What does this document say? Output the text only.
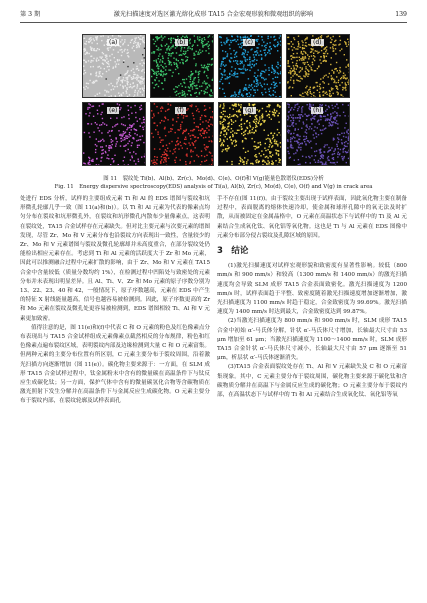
第 3 期	激光扫描速度对选区激光熔化成形 TA15 合金宏观形貌和微观组织的影响	139
(a)	(b)	(c)	(d)
(e)	(f)	(g)	(h)
图 11　裂纹处 Ti(b)、Al(b)、Zr(c)、Mo(d)、C(e)、O(f)和 V(g)能量色散谱仪(EDS)分析
Fig. 11　Energy dispersive spectroscopy(EDS) analysis of Ti(a), Al(b), Zr(c), Mo(d), C(e), O(f) and V(g) in crack area

处进行 EDS 分析，试样的主要组成元素 Ti 和 Al 的 EDS 谱图与裂纹和坑形微孔轮廓几乎一致（图 11(a)和(b)）。以 Ti 和 Al 元素为代表的像素点均匀分布在裂纹和坑形微孔外，在裂纹和坑形微孔内散布少量像素点，这表明在裂纹处，TA15 合金试样存在元素缺失。但对比主要元素与次要元素的谱图发现，尽管 Zr、Mo 和 V 元素分布也沿裂纹方向表现出一致性，含量较少的 Zr、Mo 和 V 元素谱图与裂纹及微孔轮廓却并未高度重合，在部分裂纹处仍能检出相应元素存在。考虑到 Ti 和 Al 元素的活跃度大于 Zr 和 Mo 元素，因此可以推测融合过程中元素扩散的影响，由于 Zr、Mo 和 V 元素在 TA15 合金中含量较低（质量分数均约 1%），在检测过程中凹陷处与致密处的元素分布并未表现出明显差异。且 Al、Ti、V、Zr 和 Mo 元素的原子序数分别为 13、22、23、40 和 42，一般情况下，原子序数越高，元素在 EDS 中产生的特征 X 射线能量越高，信号也越容易被检测到。因此，原子序数更高的 Zr 和 Mo 元素在裂纹及微孔处更容易被检测到，EDS 谱图相较 Ti、Al 和 V 元素更加致密。

值得注意的是，图 11(e)和(f)中代表 C 和 O 元素的粉色及红色像素点分布表现出与 TA15 合金试样组成元素像素点截然相反的分布规律，粉色和红色像素点遍布裂纹区域，表明裂纹内部及边缘检测到大量 C 和 O 元素富集。但两种元素的主要分布位置有所区别，C 元素主要分布于裂纹周围，沿着激光扫描方向逐渐增加（图 11(e)）。碳化物主要来源于：一方面，在 SLM 成形 TA15 合金试样过程中，钛金属粉末中含有的微量碳在高温条件下与钛反应生成碳化钛；另一方面，保护气体中含有的微量碳氢化合物等含碳物质在激光照射下发生分解并在高温条件下与金属反应生成碳化物。O 元素主要分布于裂纹内部，在裂纹轮廓及试样表面孔

手不存在(图 11(f))。由于裂纹主要出现于试样表面，因此氧化物主要在制备过程中，表面脱离的熔体快速冷却，使金属和球形孔隙中的氧无法及时扩散，从而被固定在金属晶格中，O 元素在高温状态下与试样中的 Ti 及 Al 元素结合生成氧化钛、氧化铝等氧化物。这也是 Ti 与 Al 元素在 EDS 图像中元素分布部分侵占裂纹及孔隙区域的原因。

3　结论

(1)激光扫描速度对试样宏观形貌和致密度有显著性影响。较低（800 mm/s 和 900 mm/s）和较高（1300 mm/s 和 1400 mm/s）的激光扫描速度均会导致 SLM 成形 TA15 合金表面致密化。激光扫描速度为 1200 mm/s 时，试样表面趋于平整、致密度随着激光扫描速度增加逐渐增加，激光扫描速度为 1100 mm/s 时趋于稳定，合金致密度为 99.69%。激光扫描速度为 1400 mm/s 时达到最大，合金致密度达到 99.87%。

(2)当激光扫描速度为 800 mm/s 和 900 mm/s 时，SLM 成形 TA15 合金中初始 α′-马氏体分解，针状 α′-马氏体尺寸增加，长轴最大尺寸由 53 μm 增加至 61 μm；当激光扫描速度为 1100～1400 mm/s 时，SLM 成形 TA15 合金针状 α′-马氏体尺寸减小，长轴最大尺寸由 57 μm 逐渐至 51 μm，析层状 α′-马氏体逐渐消失。

(3)TA15 合金表面裂纹处存在 Ti、Al 和 V 元素缺失及 C 和 O 元素富集现象。其中，C 元素主要分布于裂纹周围，碳化物主要来源于碳化钛和含碳物质分解并在高温下与金属反应生成的碳化物；O 元素主要分布于裂纹内部，在高温状态下与试样中的 Ti 和 Al 元素结合生成氧化钛、氧化铝等氧
